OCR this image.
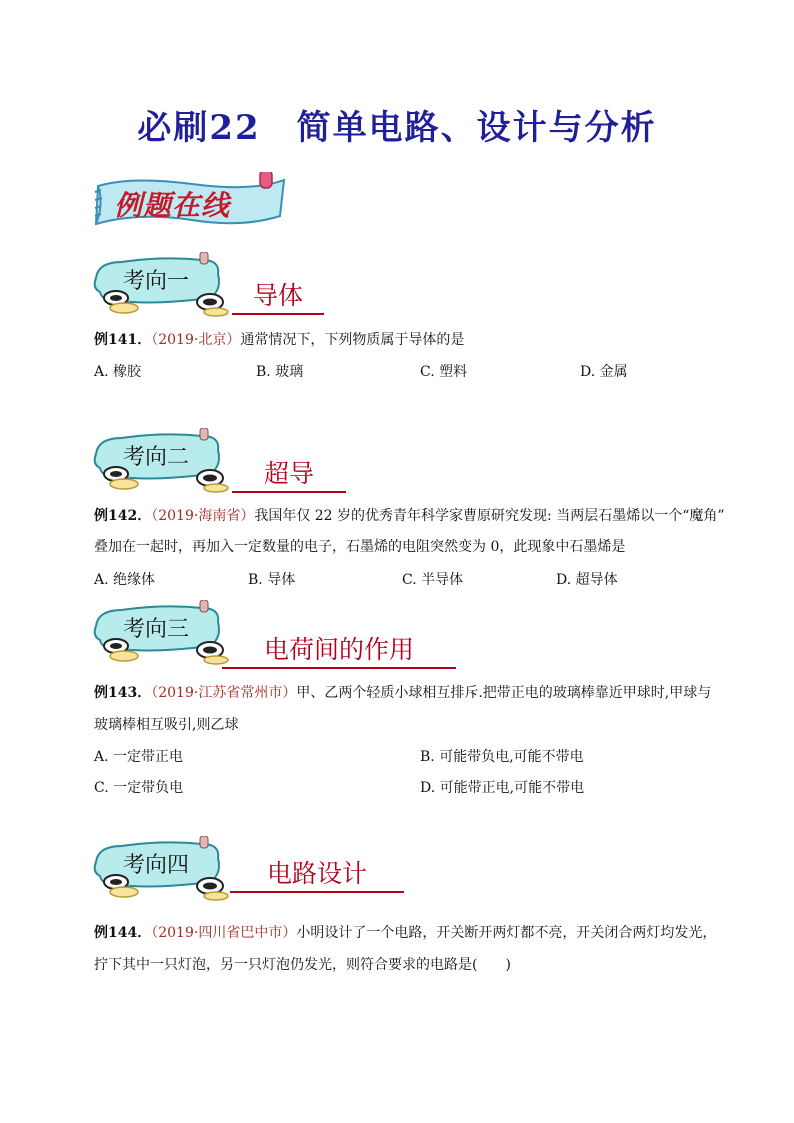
必刷22　简单电路、设计与分析
例题在线
考向一	导体
例141．（2019·北京）通常情况下，下列物质属于导体的是
A. 橡胶	B. 玻璃	C. 塑料	D. 金属
考向二
超导
例142．（2019·海南省）我国年仅 22 岁的优秀青年科学家曹原研究发现: 当两层石墨烯以一个“魔角”
叠加在一起时，再加入一定数量的电子，石墨烯的电阻突然变为 0，此现象中石墨烯是
A. 绝缘体	B. 导体	C. 半导体	D. 超导体
考向三
电荷间的作用
例143．（2019·江苏省常州市）甲、乙两个轻质小球相互排斥.把带正电的玻璃棒靠近甲球时,甲球与
玻璃棒相互吸引,则乙球
A. 一定带正电	B. 可能带负电,可能不带电
C. 一定带负电	D. 可能带正电,可能不带电
考向四	电路设计
例144．（2019·四川省巴中市）小明设计了一个电路，开关断开两灯都不亮，开关闭合两灯均发光，
拧下其中一只灯泡，另一只灯泡仍发光，则符合要求的电路是(　　)
